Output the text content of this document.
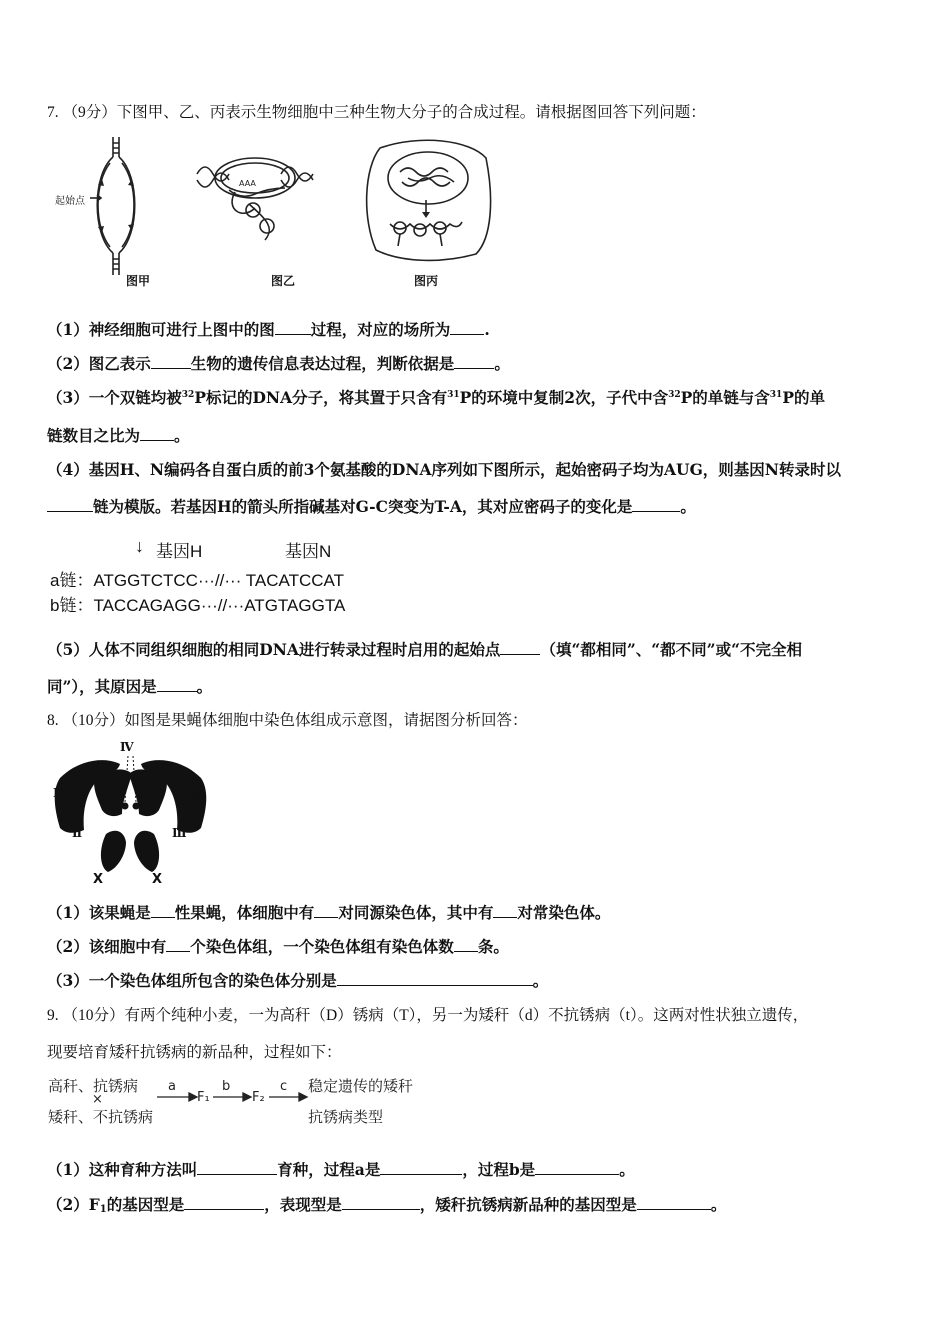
7. （9分）下图甲、乙、丙表示生物细胞中三种生物大分子的合成过程。请根据图回答下列问题：
起始点
图甲
AAA
图乙	图丙
（1）神经细胞可进行上图中的图 过程，对应的场所为 .
（2）图乙表示	生物的遗传信息表达过程，判断依据是	。
（3）一个双链均被$^{32}$P标记的DNA分子，将其置于只含有$^{31}$P的环境中复制2次，子代中含$^{32}$P的单链与含$^{31}$P的单
链数目之比为 。
（4）基因H、N编码各自蛋白质的前3个氨基酸的DNA序列如下图所示，起始密码子均为AUG，则基因N转录时以
链为模版。若基因H的箭头所指碱基对G-C突变为T-A，其对应密码子的变化是	。
↓ 基因H	基因N
a链：ATGGTCTCC···//··· TACATCCAT
b链：TACCAGAGG···//···ATGTAGGTA
（5）人体不同组织细胞的相同DNA进行转录过程时启用的起始点	（填“都相同”、“都不同”或“不完全相
同”），其原因是	。
8. （10分）如图是果蝇体细胞中染色体组成示意图，请据图分析回答：
Ⅳ
Ⅱ
Ⅱ
Ⅲ
Ⅲ
X	X
（1）该果蝇是 性果蝇，体细胞中有 对同源染色体，其中有 对常染色体。
（2）该细胞中有 个染色体组，一个染色体组有染色体数 条。
（3）一个染色体组所包含的染色体分别是	。
9. （10分）有两个纯种小麦，一为高秆（D）锈病（T），另一为矮秆（d）不抗锈病（t）。这两对性状独立遗传，
现要培育矮秆抗锈病的新品种，过程如下：
高秆、抗锈病
×
矮秆、不抗锈病
a
F₁
b
F₂
c 稳定遗传的矮秆
抗锈病类型
（1）这种育种方法叫	育种，过程a是	，过程b是	。
$(2)F_1$的基因型是	，表现型是	，矮秆抗锈病新品种的基因型是	。
